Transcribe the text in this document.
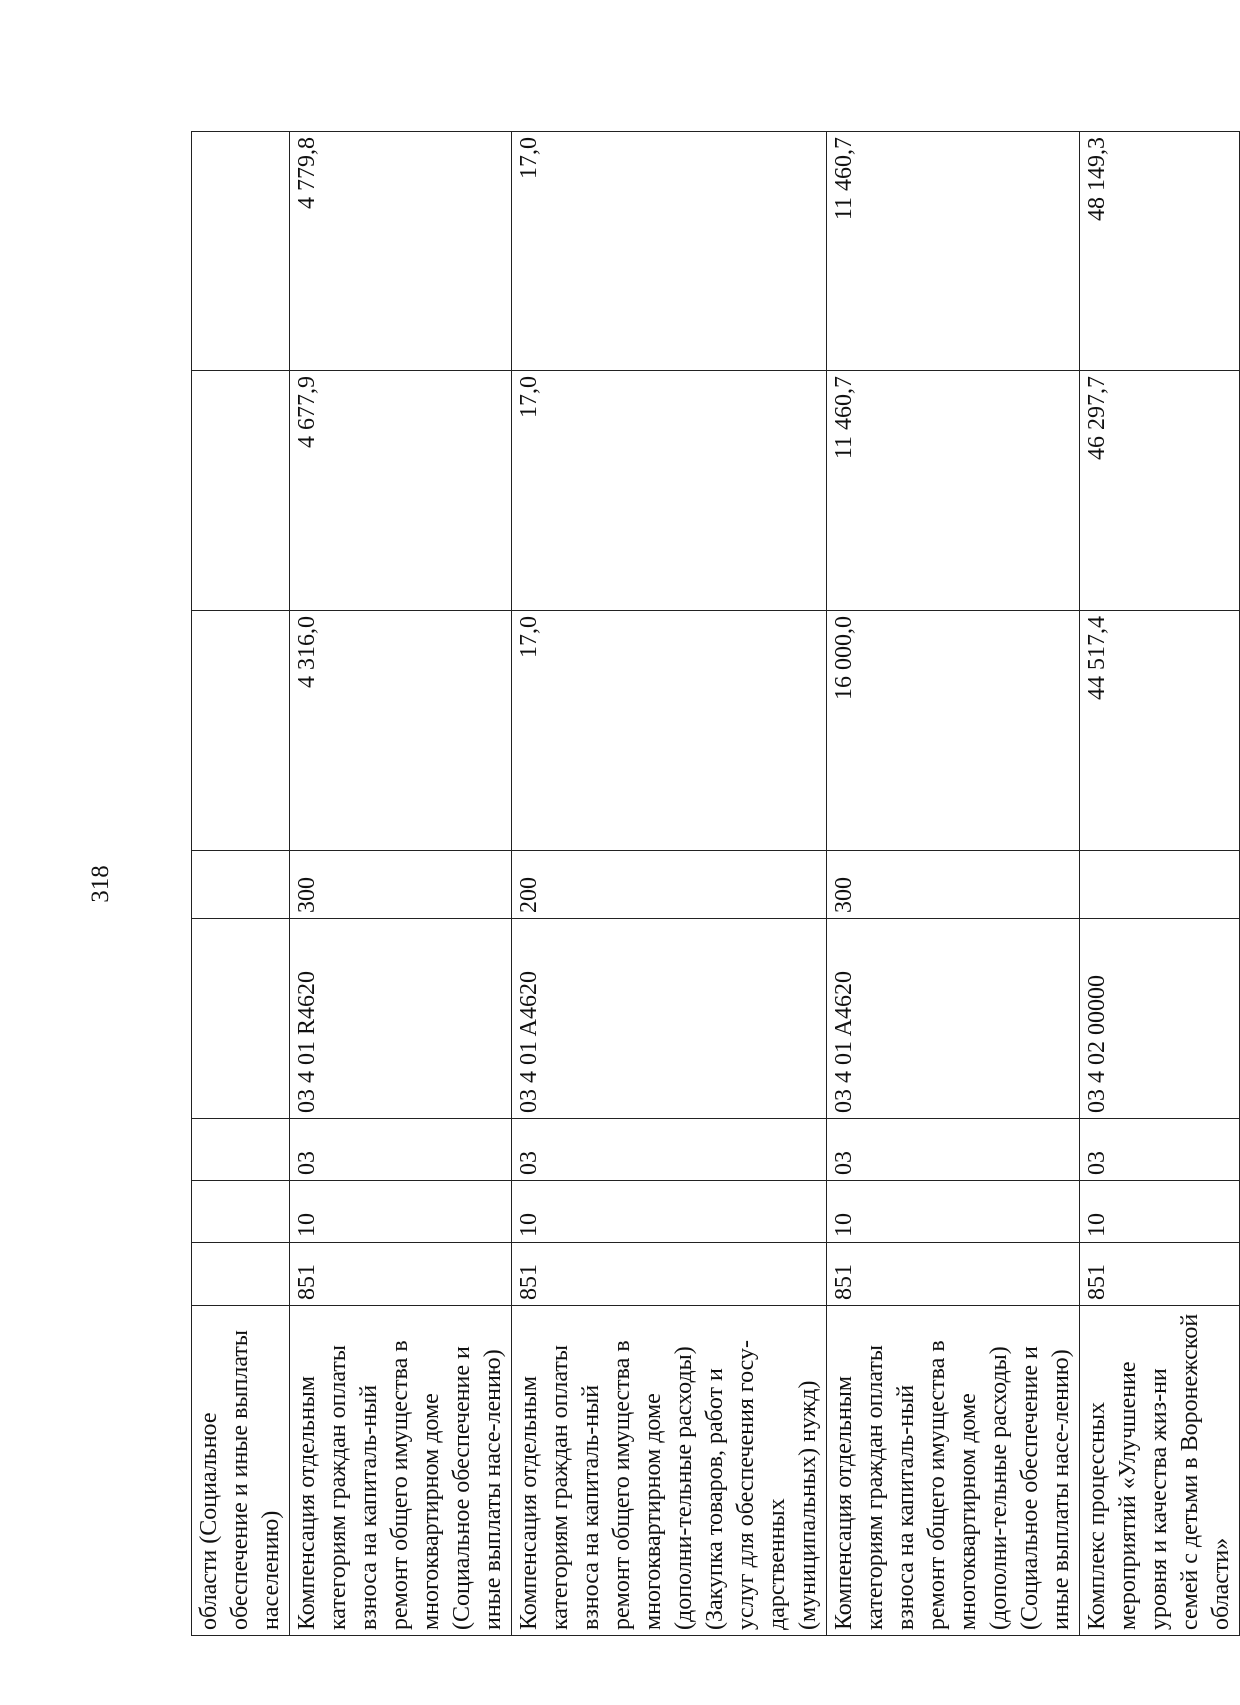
318
области (Социальное обеспечение и иные выплаты населению)								
Компенсация отдельным категориям граждан оплаты взноса на капиталь-ный ремонт общего имущества в многоквартирном доме (Социальное обеспечение и иные выплаты насе-лению)	851	10	03	03 4 01 R4620	300	4 316,0	4 677,9	4 779,8
Компенсация отдельным категориям граждан оплаты взноса на капиталь-ный ремонт общего имущества в многоквартирном доме (дополни-тельные расходы) (Закупка товаров, работ и услуг для обеспечения госу-дарственных (муниципальных) нужд)	851	10	03	03 4 01 A4620	200	17,0	17,0	17,0
Компенсация отдельным категориям граждан оплаты взноса на капиталь-ный ремонт общего имущества в многоквартирном доме (дополни-тельные расходы) (Социальное обеспечение и иные выплаты насе-лению)	851	10	03	03 4 01 A4620	300	16 000,0	11 460,7	11 460,7
Комплекс процессных мероприятий «Улучшение уровня и качества жиз-ни семей с детьми в Воронежской области»	851	10	03	03 4 02 00000		44 517,4	46 297,7	48 149,3
